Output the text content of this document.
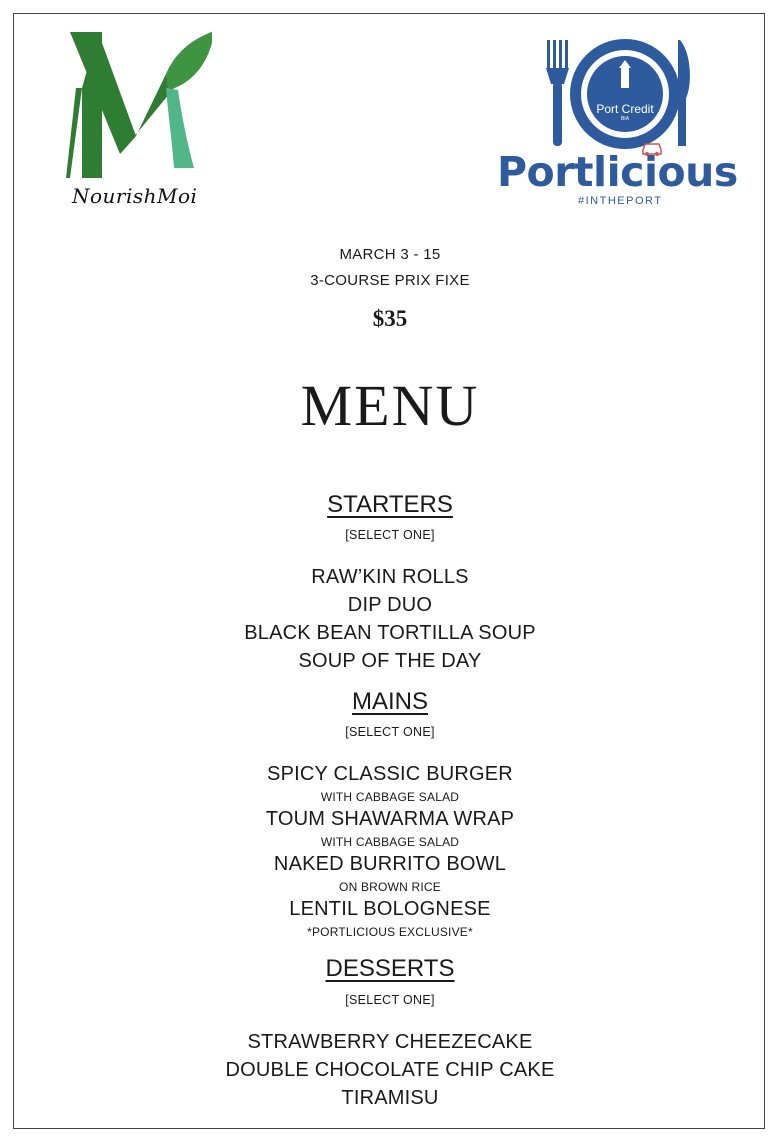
NourishMoi
Port Credit
BIA
Portlicious
#INTHEPORT
MARCH 3 - 15
3-COURSE PRIX FIXE
$35
MENU
STARTERS
[SELECT ONE]
RAW’KIN ROLLS
DIP DUO
BLACK BEAN TORTILLA SOUP
SOUP OF THE DAY
MAINS
[SELECT ONE]
SPICY CLASSIC BURGER
WITH CABBAGE SALAD
TOUM SHAWARMA WRAP
WITH CABBAGE SALAD
NAKED BURRITO BOWL
ON BROWN RICE
LENTIL BOLOGNESE
*PORTLICIOUS EXCLUSIVE*
DESSERTS
[SELECT ONE]
STRAWBERRY CHEEZECAKE
DOUBLE CHOCOLATE CHIP CAKE
TIRAMISU
